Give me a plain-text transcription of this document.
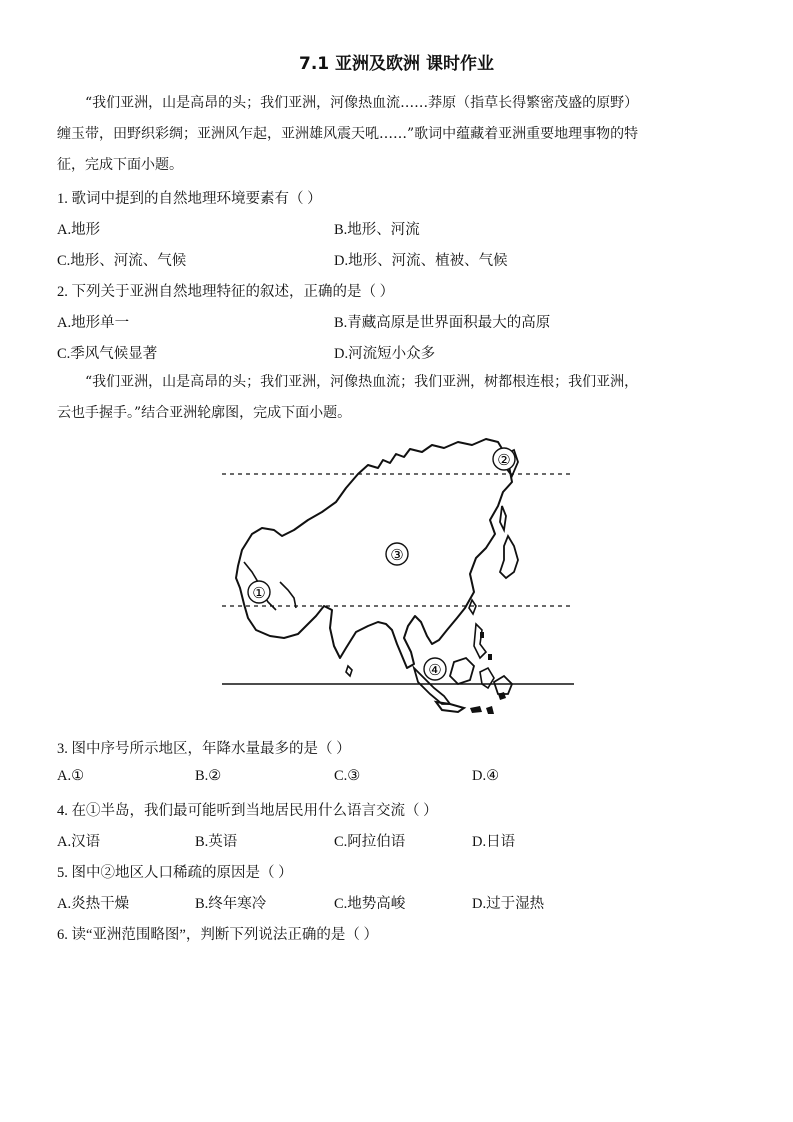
7.1 亚洲及欧洲 课时作业
“我们亚洲，山是高昂的头；我们亚洲，河像热血流……莽原（指草长得繁密茂盛的原野）
缠玉带，田野织彩绸；亚洲风乍起，亚洲雄风震天吼……”歌词中蕴藏着亚洲重要地理事物的特
征，完成下面小题。
1. 歌词中提到的自然地理环境要素有（ ）
A.地形	B.地形、河流
C.地形、河流、气候	D.地形、河流、植被、气候
2. 下列关于亚洲自然地理特征的叙述，正确的是（ ）
A.地形单一	B.青藏高原是世界面积最大的高原
C.季风气候显著	D.河流短小众多
“我们亚洲，山是高昂的头；我们亚洲，河像热血流；我们亚洲，树都根连根；我们亚洲，
云也手握手。”结合亚洲轮廓图，完成下面小题。
①
②
③
④
3. 图中序号所示地区，年降水量最多的是（ ）
A.①	B.②	C.③	D.④
4. 在①半岛，我们最可能听到当地居民用什么语言交流（ ）
A.汉语	B.英语	C.阿拉伯语	D.日语
5. 图中②地区人口稀疏的原因是（ ）
A.炎热干燥	B.终年寒冷	C.地势高峻	D.过于湿热
6. 读“亚洲范围略图”，判断下列说法正确的是（ ）
